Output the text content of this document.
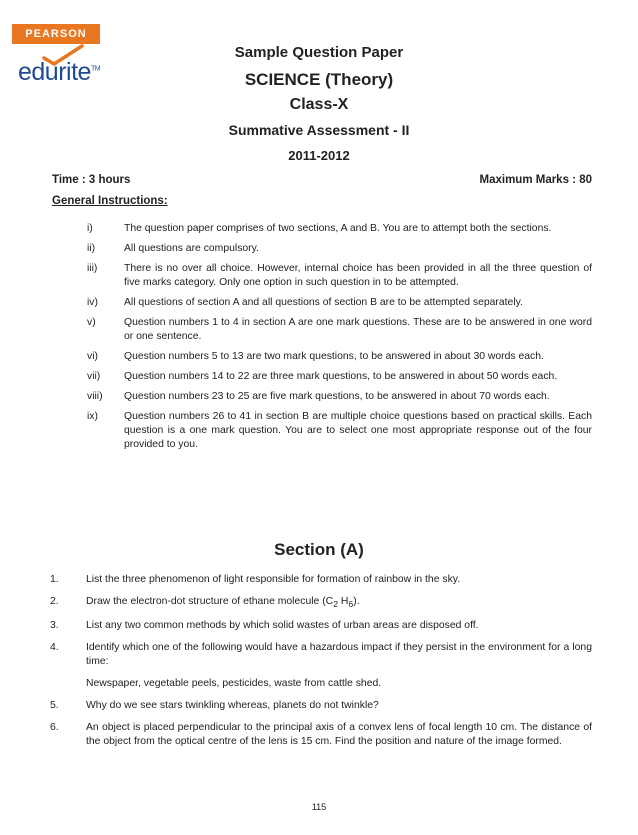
PEARSON
edurite™
Sample Question Paper
SCIENCE (Theory)
Class-X
Summative Assessment - II
2011-2012
Time : 3 hours	Maximum Marks : 80
General Instructions:
i)	The question paper comprises of two sections, A and B. You are to attempt both the sections.
ii)	All questions are compulsory.
iii)	There is no over all choice. However, internal choice has been provided in all the three question of five marks category. Only one option in such question in to be attempted.
iv)	All questions of section A and all questions of section B are to be attempted separately.
v)	Question numbers 1 to 4 in section A are one mark questions. These are to be answered in one word or one sentence.
vi)	Question numbers 5 to 13 are two mark questions, to be answered in about 30 words each.
vii) Question numbers 14 to 22 are three mark questions, to be answered in about 50 words each.
viii) Question numbers 23 to 25 are five mark questions, to be answered in about 70 words each.
ix)	Question numbers 26 to 41 in section B are multiple choice questions based on practical skills. Each question is a one mark question. You are to select one most appropriate response out of the four provided to you.
Section (A)
1.	List the three phenomenon of light responsible for formation of rainbow in the sky.
2.	Draw the electron-dot structure of ethane molecule ($C_2$ $H_6$).
3.	List any two common methods by which solid wastes of urban areas are disposed off.
4.	Identify which one of the following would have a hazardous impact if they persist in the environment for a long time:
Newspaper, vegetable peels, pesticides, waste from cattle shed.
5.	Why do we see stars twinkling whereas, planets do not twinkle?
6.	An object is placed perpendicular to the principal axis of a convex lens of focal length 10 cm. The distance of the object from the optical centre of the lens is 15 cm. Find the position and nature of the image formed.
115
